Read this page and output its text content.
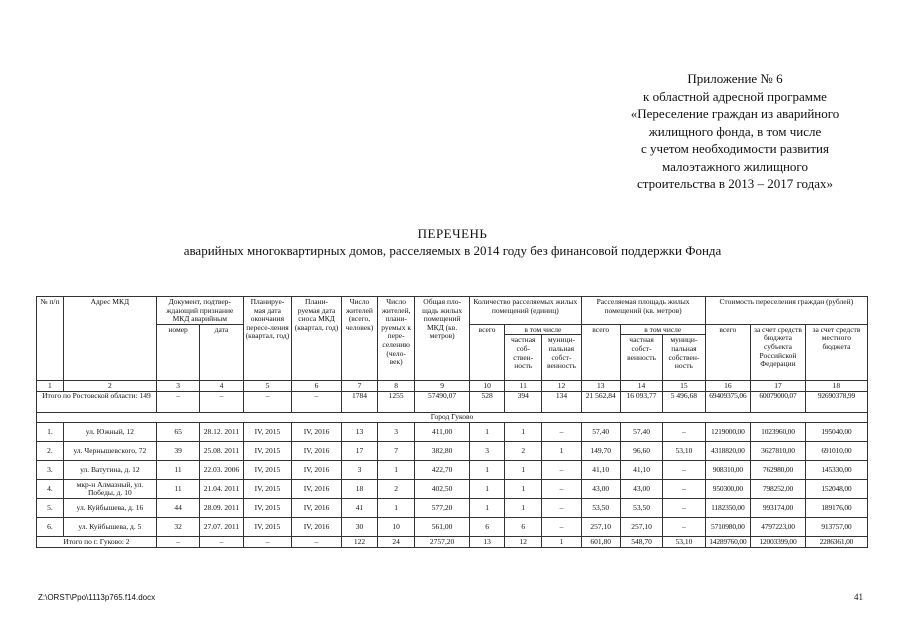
Приложение № 6
к областной адресной программе
«Переселение граждан из аварийного
жилищного фонда, в том числе
с учетом необходимости развития
малоэтажного жилищного
строительства в 2013 – 2017 годах»
ПЕРЕЧЕНЬ
аварийных многоквартирных домов, расселяемых в 2014 году без финансовой поддержки Фонда
№ п/п	Адрес МКД	Документ, подтвер-ждающий признание МКД аварийным		Планируе-мая дата окончания пересе-ления (квартал, год)	Плани-руемая дата сноса МКД (квартал, год)	Число жителей (всего, человек)	Число жителей, плани-руемых к пере-селению (чело-век)	Общая пло-щадь жилых помещений МКД (кв. метров)	Количество расселяемых жилых помещений (единиц)			Расселяемая площадь жилых помещений (кв. метров)			Стоимость переселения граждан (рублей)		
		номер	дата						всего	в том числе		всего	в том числе		всего	за счет средств бюджета субъекта Российской Федерации	за счет средств местного бюджета
										частная соб-ствен-ность	муници-пальная собст-венность		частная собст-венность	муници-пальная собствен-ность			
1	2	3	4	5	6	7	8	9	10	11	12	13	14	15	16	17	18
Итого по Ростовской области: 149		–	–	–	–	1784	1255	57490,07	528	394	134	21 562,84	16 093,77	5 496,68	69409375,06	60079000,07	92690378,99
Город Гуково																	
1.	ул. Южный, 12	65	28.12. 2011	IV, 2015	IV, 2016	13	3	411,00	1	1	–	57,40	57,40	–	1219000,00	1023960,00	195040,00
2.	ул. Чернышевского, 72	39	25.08. 2011	IV, 2015	IV, 2016	17	7	382,80	3	2	1	149,70	96,60	53,10	4318820,00	3627810,00	691010,00
3.	ул. Ватутина, д. 12	11	22.03. 2006	IV, 2015	IV, 2016	3	1	422,70	1	1	–	41,10	41,10	–	908310,00	762980,00	145330,00
4.	мкр-н Алмазный, ул. Победы, д. 10	11	21.04. 2011	IV, 2015	IV, 2016	18	2	402,50	1	1	–	43,00	43,00	–	950300,00	798252,00	152048,00
5.	ул. Куйбышева, д. 16	44	28.09. 2011	IV, 2015	IV, 2016	41	1	577,20	1	1	–	53,50	53,50	–	1182350,00	993174,00	189176,00
6.	ул. Куйбышева, д. 5	32	27.07. 2011	IV, 2015	IV, 2016	30	10	561,00	6	6	–	257,10	257,10	–	5710980,00	4797223,00	913757,00
Итого по г. Гуково: 2		–	–	–	–	122	24	2757,20	13	12	1	601,80	548,70	53,10	14289760,00	12003399,00	2286361,00
Z:\ORST\Ppo\1113p765.f14.docx	41
